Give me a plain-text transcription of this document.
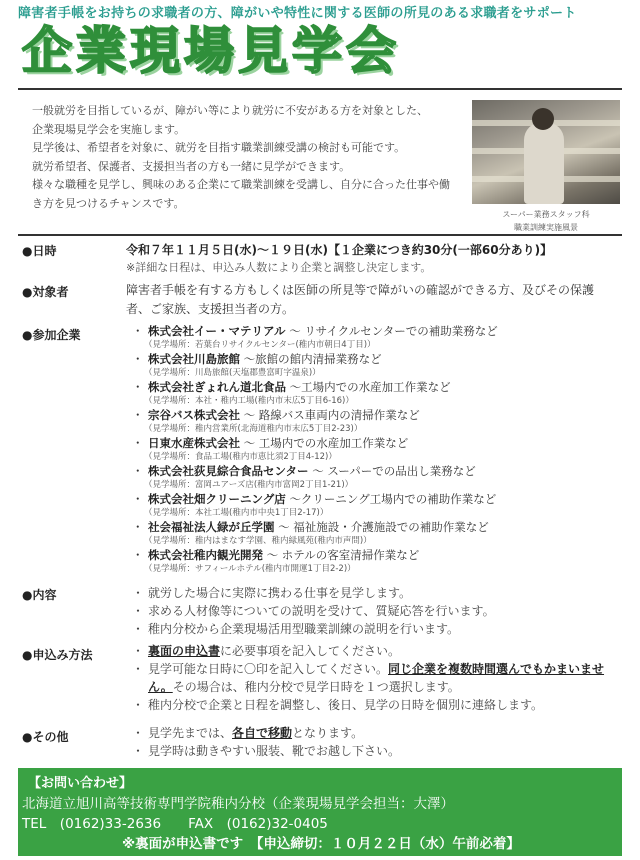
障害者手帳をお持ちの求職者の方、障がいや特性に関する医師の所見のある求職者をサポート
企業現場見学会

一般就労を目指しているが、障がい等により就労に不安がある方を対象とした、

企業現場見学会を実施します。

見学後は、希望者を対象に、就労を目指す職業訓練受講の検討も可能です。

就労希望者、保護者、支援担当者の方も一緒に見学ができます。

様々な職種を見学し、興味のある企業にて職業訓練を受講し、自分に合った仕事や働

き方を見つけるチャンスです。

スーパー業務スタッフ科
職業訓練実施風景
●日時	令和７年１１月５日(水)～１９日(水)【１企業につき約30分(一部60分あり)】
※詳細な日程は、申込み人数により企業と調整し決定します。
●対象者	障害者手帳を有する方もしくは医師の所見等で障がいの確認ができる方、及びその保護
者、ご家族、支援担当者の方。
●参加企業	・ 株式会社イー・マテリアル ～ リサイクルセンターでの補助業務など
（見学場所：若葉台リサイクルセンター(稚内市朝日4丁目)）
・ 株式会社川島旅館 ～旅館の館内清掃業務など
（見学場所：川島旅館(天塩郡豊富町字温泉)）
・ 株式会社ぎょれん道北食品 ～工場内での水産加工作業など
（見学場所：本社・稚内工場(稚内市末広5丁目6-16)）
・ 宗谷バス株式会社 ～ 路線バス車両内の清掃作業など
（見学場所：稚内営業所(北海道稚内市末広5丁目2-23)）
・ 日東水産株式会社 ～ 工場内での水産加工作業など
（見学場所：食品工場(稚内市恵比須2丁目4-12)）
・ 株式会社荻見綜合食品センター ～ スーパーでの品出し業務など
（見学場所：富岡ユアーズ店(稚内市富岡2丁目1-21)）
・ 株式会社畑クリーニング店 ～クリーニング工場内での補助作業など
（見学場所：本社工場(稚内市中央1丁目2-17)）
・ 社会福祉法人緑が丘学園 ～ 福祉施設・介護施設での補助作業など
（見学場所：稚内はまなす学園、稚内緑風苑(稚内市声問)）
・ 株式会社稚内観光開発 ～ ホテルの客室清掃作業など
（見学場所：サフィールホテル(稚内市開運1丁目2-2)）
●内容	・ 就労した場合に実際に携わる仕事を見学します。
・ 求める人材像等についての説明を受けて、質疑応答を行います。
・ 稚内分校から企業現場活用型職業訓練の説明を行います。
●申込み方法	・ 裏面の申込書に必要事項を記入してください。
・ 見学可能な日時に〇印を記入してください。同じ企業を複数時間選んでもかまいませ
ん。その場合は、稚内分校で見学日時を１つ選択します。
・ 稚内分校で企業と日程を調整し、後日、見学の日時を個別に連絡します。
●その他	・ 見学先までは、各自で移動となります。
・ 見学時は動きやすい服装、靴でお越し下さい。
【お問い合わせ】
北海道立旭川高等技術専門学院稚内分校（企業現場見学会担当：大澤）
TEL　(0162)33-2636　　FAX　(0162)32-0405
※裏面が申込書です　【申込締切：１０月２２日（水）午前必着】
